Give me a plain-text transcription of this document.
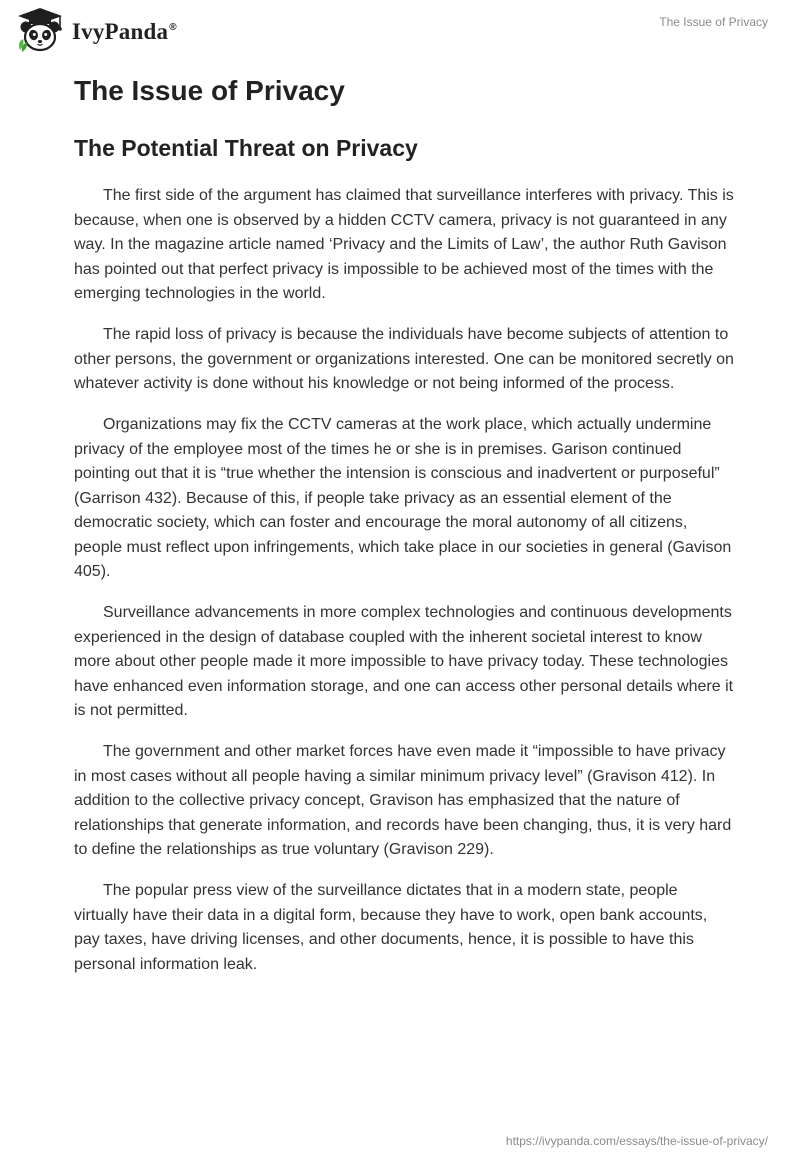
IvyPanda®	The Issue of Privacy
The Issue of Privacy
The Potential Threat on Privacy

The first side of the argument has claimed that surveillance interferes with privacy. This is because, when one is observed by a hidden CCTV camera, privacy is not guaranteed in any way. In the magazine article named ‘Privacy and the Limits of Law’, the author Ruth Gavison has pointed out that perfect privacy is impossible to be achieved most of the times with the emerging technologies in the world.

The rapid loss of privacy is because the individuals have become subjects of attention to other persons, the government or organizations interested. One can be monitored secretly on whatever activity is done without his knowledge or not being informed of the process.

Organizations may fix the CCTV cameras at the work place, which actually undermine privacy of the employee most of the times he or she is in premises. Garison continued pointing out that it is “true whether the intension is conscious and inadvertent or purposeful” (Garrison 432). Because of this, if people take privacy as an essential element of the democratic society, which can foster and encourage the moral autonomy of all citizens, people must reflect upon infringements, which take place in our societies in general (Gavison 405).

Surveillance advancements in more complex technologies and continuous developments experienced in the design of database coupled with the inherent societal interest to know more about other people made it more impossible to have privacy today. These technologies have enhanced even information storage, and one can access other personal details where it is not permitted.

The government and other market forces have even made it “impossible to have privacy in most cases without all people having a similar minimum privacy level” (Gravison 412). In addition to the collective privacy concept, Gravison has emphasized that the nature of relationships that generate information, and records have been changing, thus, it is very hard to define the relationships as true voluntary (Gravison 229).

The popular press view of the surveillance dictates that in a modern state, people virtually have their data in a digital form, because they have to work, open bank accounts, pay taxes, have driving licenses, and other documents, hence, it is possible to have this personal information leak.

https://ivypanda.com/essays/the-issue-of-privacy/
